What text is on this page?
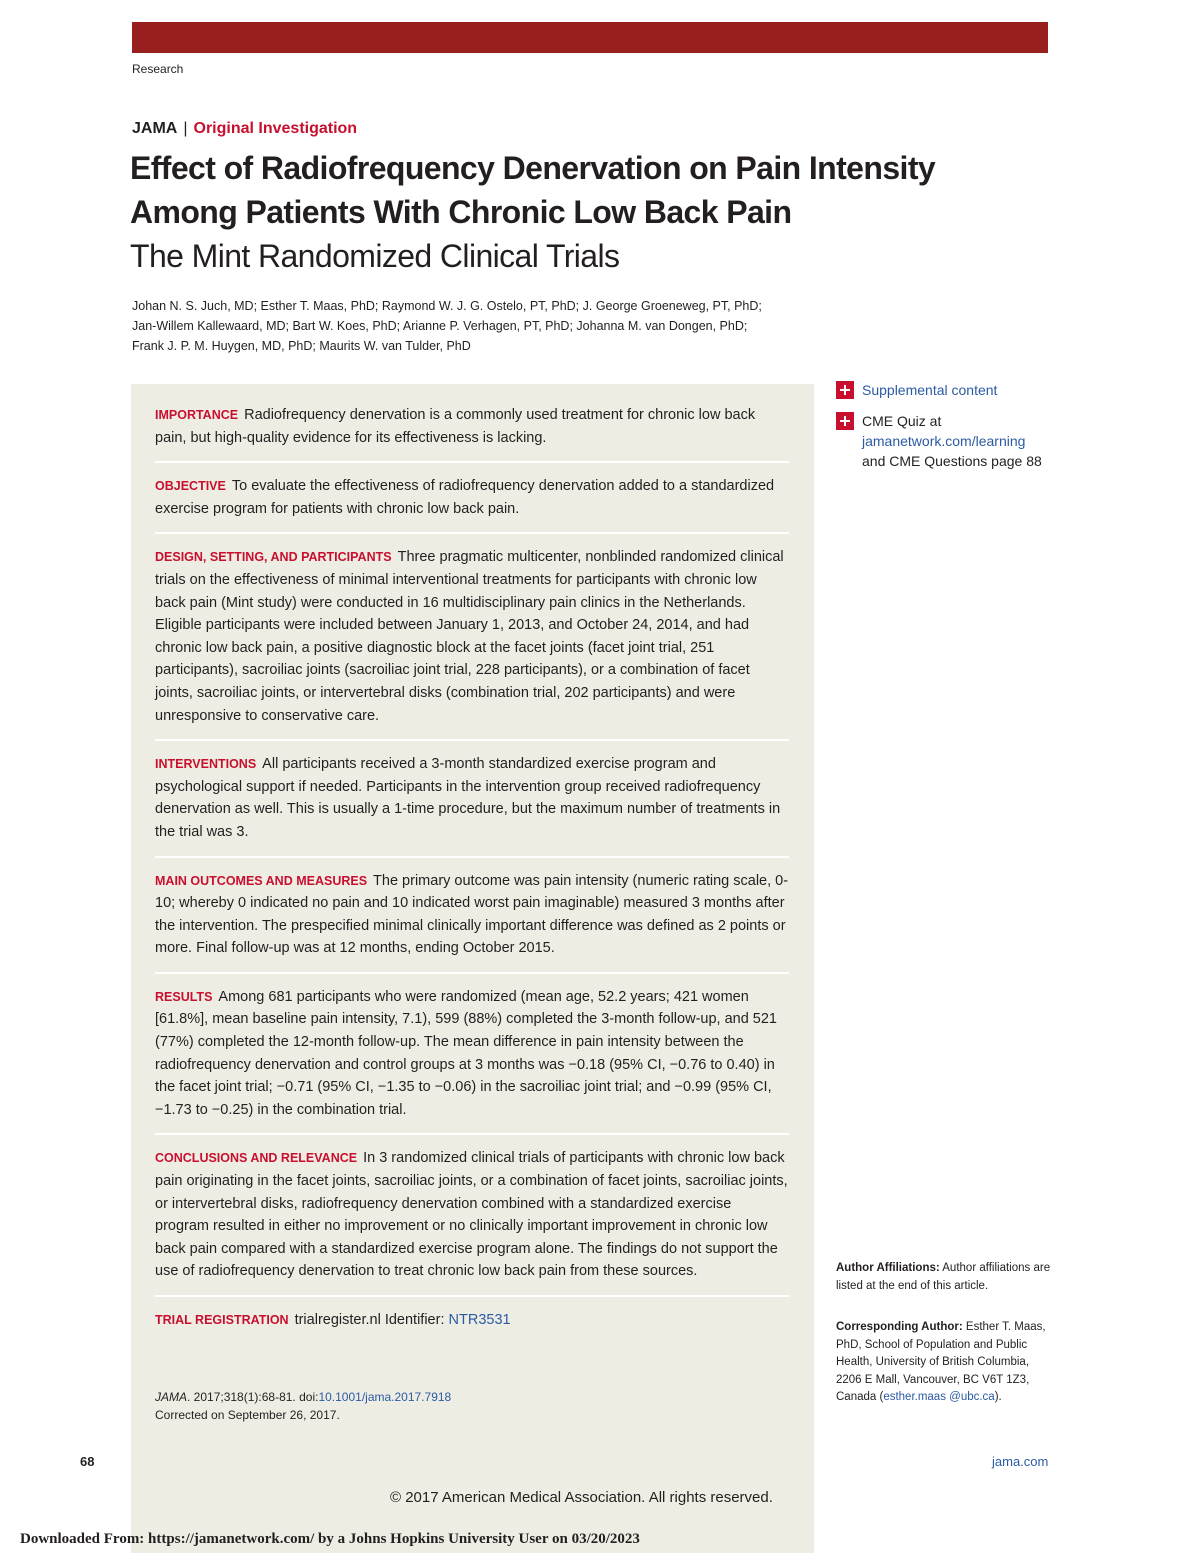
Research
JAMA | Original Investigation
Effect of Radiofrequency Denervation on Pain Intensity
Among Patients With Chronic Low Back Pain
The Mint Randomized Clinical Trials
Johan N. S. Juch, MD; Esther T. Maas, PhD; Raymond W. J. G. Ostelo, PT, PhD; J. George Groeneweg, PT, PhD;
Jan-Willem Kallewaard, MD; Bart W. Koes, PhD; Arianne P. Verhagen, PT, PhD; Johanna M. van Dongen, PhD;
Frank J. P. M. Huygen, MD, PhD; Maurits W. van Tulder, PhD
IMPORTANCE Radiofrequency denervation is a commonly used treatment for chronic low back pain, but high-quality evidence for its effectiveness is lacking.
OBJECTIVE To evaluate the effectiveness of radiofrequency denervation added to a standardized exercise program for patients with chronic low back pain.
DESIGN, SETTING, AND PARTICIPANTS Three pragmatic multicenter, nonblinded randomized clinical trials on the effectiveness of minimal interventional treatments for participants with chronic low back pain (Mint study) were conducted in 16 multidisciplinary pain clinics in the Netherlands. Eligible participants were included between January 1, 2013, and October 24, 2014, and had chronic low back pain, a positive diagnostic block at the facet joints (facet joint trial, 251 participants), sacroiliac joints (sacroiliac joint trial, 228 participants), or a combination of facet joints, sacroiliac joints, or intervertebral disks (combination trial, 202 participants) and were unresponsive to conservative care.
INTERVENTIONS All participants received a 3-month standardized exercise program and psychological support if needed. Participants in the intervention group received radiofrequency denervation as well. This is usually a 1-time procedure, but the maximum number of treatments in the trial was 3.
MAIN OUTCOMES AND MEASURES The primary outcome was pain intensity (numeric rating scale, 0-10; whereby 0 indicated no pain and 10 indicated worst pain imaginable) measured 3 months after the intervention. The prespecified minimal clinically important difference was defined as 2 points or more. Final follow-up was at 12 months, ending October 2015.
RESULTS Among 681 participants who were randomized (mean age, 52.2 years; 421 women [61.8%], mean baseline pain intensity, 7.1), 599 (88%) completed the 3-month follow-up, and 521 (77%) completed the 12-month follow-up. The mean difference in pain intensity between the radiofrequency denervation and control groups at 3 months was −0.18 (95% CI, −0.76 to 0.40) in the facet joint trial; −0.71 (95% CI, −1.35 to −0.06) in the sacroiliac joint trial; and −0.99 (95% CI, −1.73 to −0.25) in the combination trial.
CONCLUSIONS AND RELEVANCE In 3 randomized clinical trials of participants with chronic low back pain originating in the facet joints, sacroiliac joints, or a combination of facet joints, sacroiliac joints, or intervertebral disks, radiofrequency denervation combined with a standardized exercise program resulted in either no improvement or no clinically important improvement in chronic low back pain compared with a standardized exercise program alone. The findings do not support the use of radiofrequency denervation to treat chronic low back pain from these sources.
TRIAL REGISTRATION trialregister.nl Identifier: NTR3531
JAMA. 2017;318(1):68-81. doi:10.1001/jama.2017.7918
Corrected on September 26, 2017.
Supplemental content
CME Quiz at
jamanetwork.com/learning
and CME Questions page 88
Author Affiliations: Author affiliations are listed at the end of this article.
Corresponding Author: Esther T. Maas, PhD, School of Population and Public Health, University of British Columbia, 2206 E Mall, Vancouver, BC V6T 1Z3, Canada (esther.maas @ubc.ca).
68	jama.com
© 2017 American Medical Association. All rights reserved.
Downloaded From: https://jamanetwork.com/ by a Johns Hopkins University User on 03/20/2023
